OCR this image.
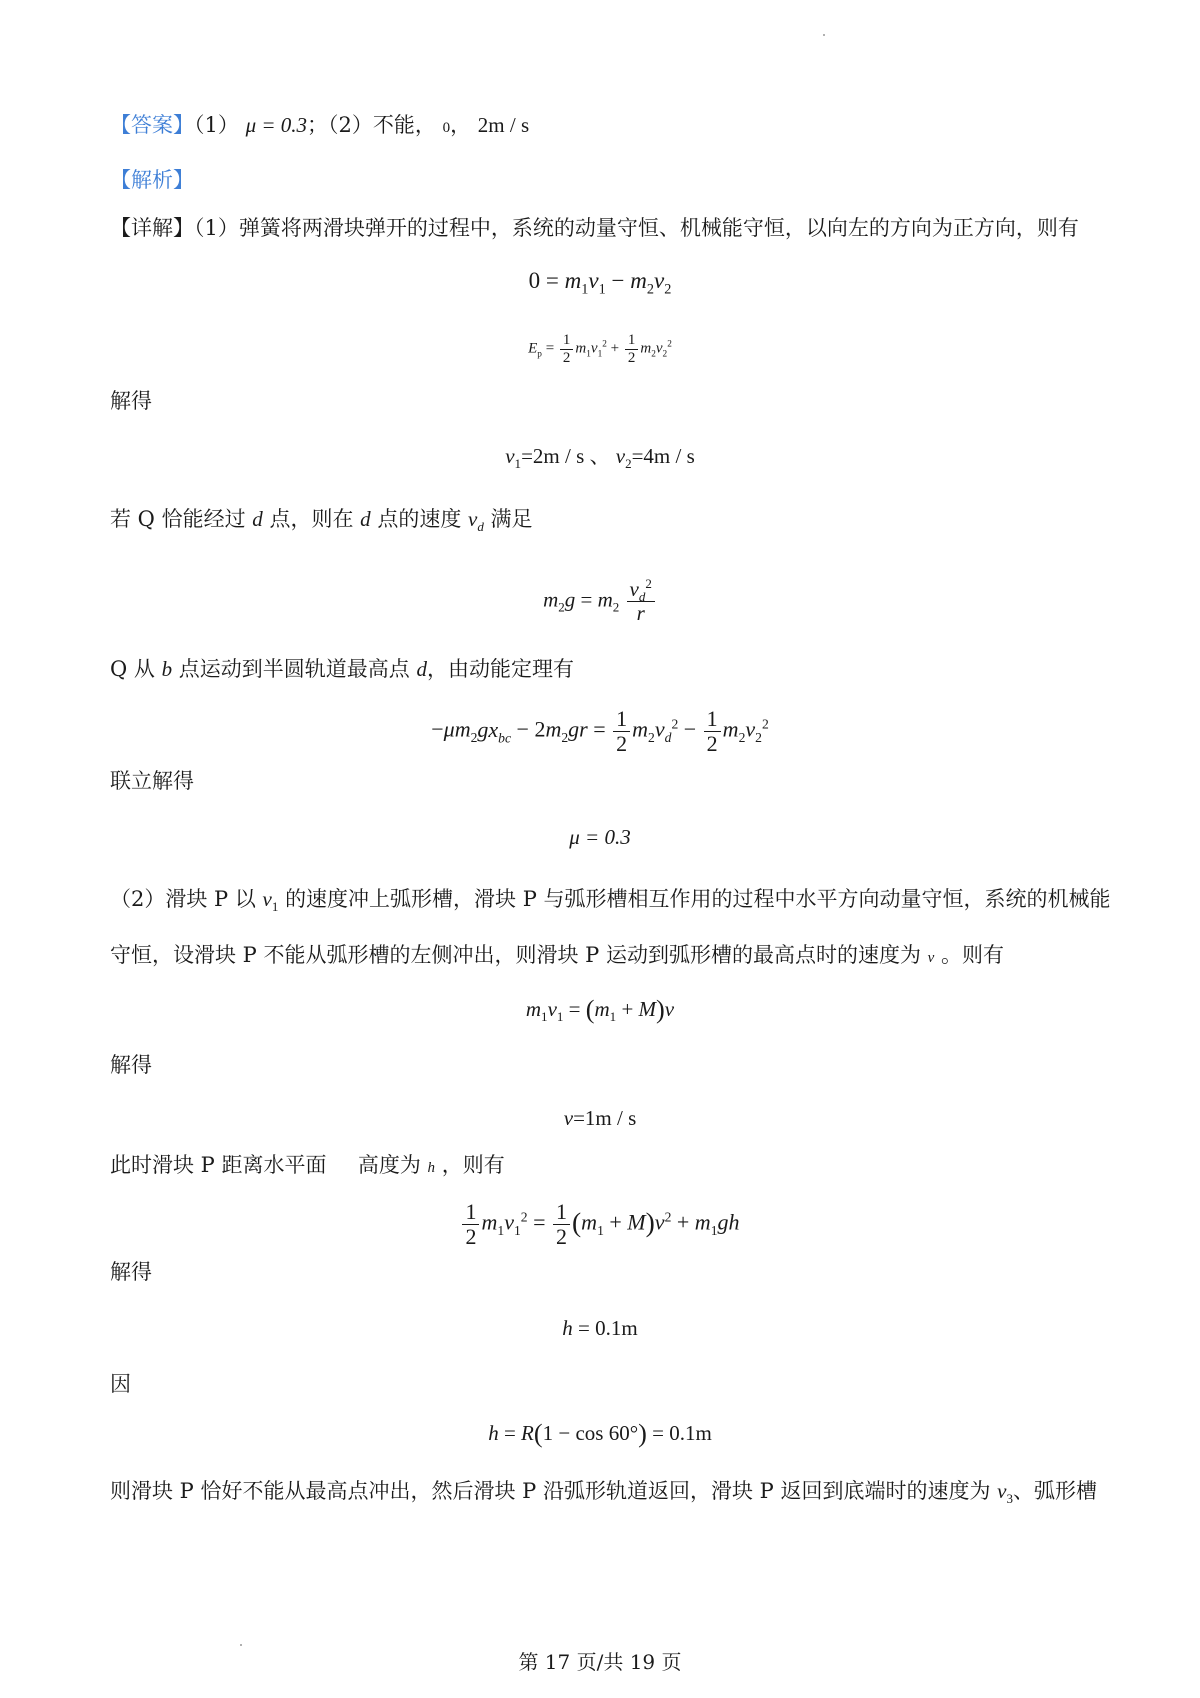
【答案】（1） μ = 0.3；（2）不能， 0， 2m / s
【解析】
【详解】（1）弹簧将两滑块弹开的过程中，系统的动量守恒、机械能守恒，以向左的方向为正方向，则有
$0 = m_1v_1 - m_2v_2$
$E_p = \frac{1}{2} m_1v_1^2 + \frac{1}{2} m_2v_2^2$
解得
$v_1=2m / s$ 、 $v_2=4m / s$
若 Q 恰能经过 d 点，则在 d 点的速度 $v_d$ 满足
$m_2g = m_2 \frac{v_d^2}{r}$
Q 从 b 点运动到半圆轨道最高点 d，由动能定理有
$-\mu m_2gx_{bc} - 2m_2gr = \frac{1}{2} m_2v_d^2 - \frac{1}{2} m_2v_2^2$
联立解得
μ = 0.3
（2）滑块 P 以 $v_1$ 的速度冲上弧形槽，滑块 P 与弧形槽相互作用的过程中水平方向动量守恒，系统的机械能
守恒，设滑块 P 不能从弧形槽的左侧冲出，则滑块 P 运动到弧形槽的最高点时的速度为 v 。则有
$m_1v_1 = (m_1 + M)v$
解得
v=1m / s
此时滑块 P 距离水平面 高度为 h ，则有
$\frac{1}{2} m_1v_1^2 = \frac{1}{2} (m_1 + M)v^2 + m_1gh$
解得
h = 0.1m
因
h = R(1 − cos 60°) = 0.1m
则滑块 P 恰好不能从最高点冲出，然后滑块 P 沿弧形轨道返回，滑块 P 返回到底端时的速度为 $v_3$、弧形槽
第 17 页/共 19 页
